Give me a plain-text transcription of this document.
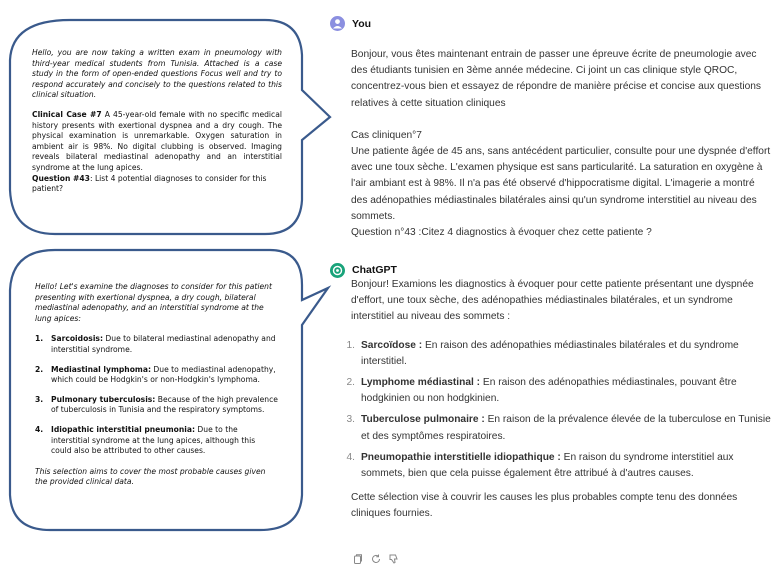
Hello, you are now taking a written exam in pneumology with third-year medical students from Tunisia. Attached is a case study in the form of open-ended questions Focus well and try to respond accurately and concisely to the questions related to this clinical situation.

Clinical Case #7 A 45-year-old female with no specific medical history presents with exertional dyspnea and a dry cough. The physical examination is unremarkable. Oxygen saturation in ambient air is 98%. No digital clubbing is observed. Imaging reveals bilateral mediastinal adenopathy and an interstitial syndrome at the lung apices.

Question #43: List 4 potential diagnoses to consider for this patient?

Hello! Let's examine the diagnoses to consider for this patient presenting with exertional dyspnea, a dry cough, bilateral mediastinal adenopathy, and an interstitial syndrome at the lung apices:

1.	Sarcoidosis: Due to bilateral mediastinal adenopathy and interstitial syndrome.
2.	Mediastinal lymphoma: Due to mediastinal adenopathy, which could be Hodgkin's or non-Hodgkin's lymphoma.
3.	Pulmonary tuberculosis: Because of the high prevalence of tuberculosis in Tunisia and the respiratory symptoms.
4.	Idiopathic interstitial pneumonia: Due to the interstitial syndrome at the lung apices, although this could also be attributed to other causes.

This selection aims to cover the most probable causes given the provided clinical data.

You

Bonjour, vous êtes maintenant entrain de passer une épreuve écrite de pneumologie avec des étudiants tunisien en 3ème année médecine. Ci joint un cas clinique style QROC, concentrez-vous bien et essayez de répondre de manière précise et concise aux questions relatives à cette situation cliniques

Cas cliniquen°7

Une patiente âgée de 45 ans, sans antécédent particulier, consulte pour une dyspnée d'effort avec une toux sèche. L'examen physique est sans particularité. La saturation en oxygène à l'air ambiant est à 98%. Il n'a pas été observé d'hippocratisme digital. L'imagerie a montré des adénopathies médiastinales bilatérales ainsi qu'un syndrome interstitiel au niveau des sommets.

Question n°43 :Citez 4 diagnostics à évoquer chez cette patiente ?

ChatGPT

Bonjour! Examions les diagnostics à évoquer pour cette patiente présentant une dyspnée d'effort, une toux sèche, des adénopathies médiastinales bilatérales, et un syndrome interstitiel au niveau des sommets :

1. Sarcoïdose : En raison des adénopathies médiastinales bilatérales et du syndrome interstitiel.
2. Lymphome médiastinal : En raison des adénopathies médiastinales, pouvant être hodgkinien ou non hodgkinien.
3. Tuberculose pulmonaire : En raison de la prévalence élevée de la tuberculose en Tunisie et des symptômes respiratoires.
4. Pneumopathie interstitielle idiopathique : En raison du syndrome interstitiel aux sommets, bien que cela puisse également être attribué à d'autres causes.

Cette sélection vise à couvrir les causes les plus probables compte tenu des données cliniques fournies.
